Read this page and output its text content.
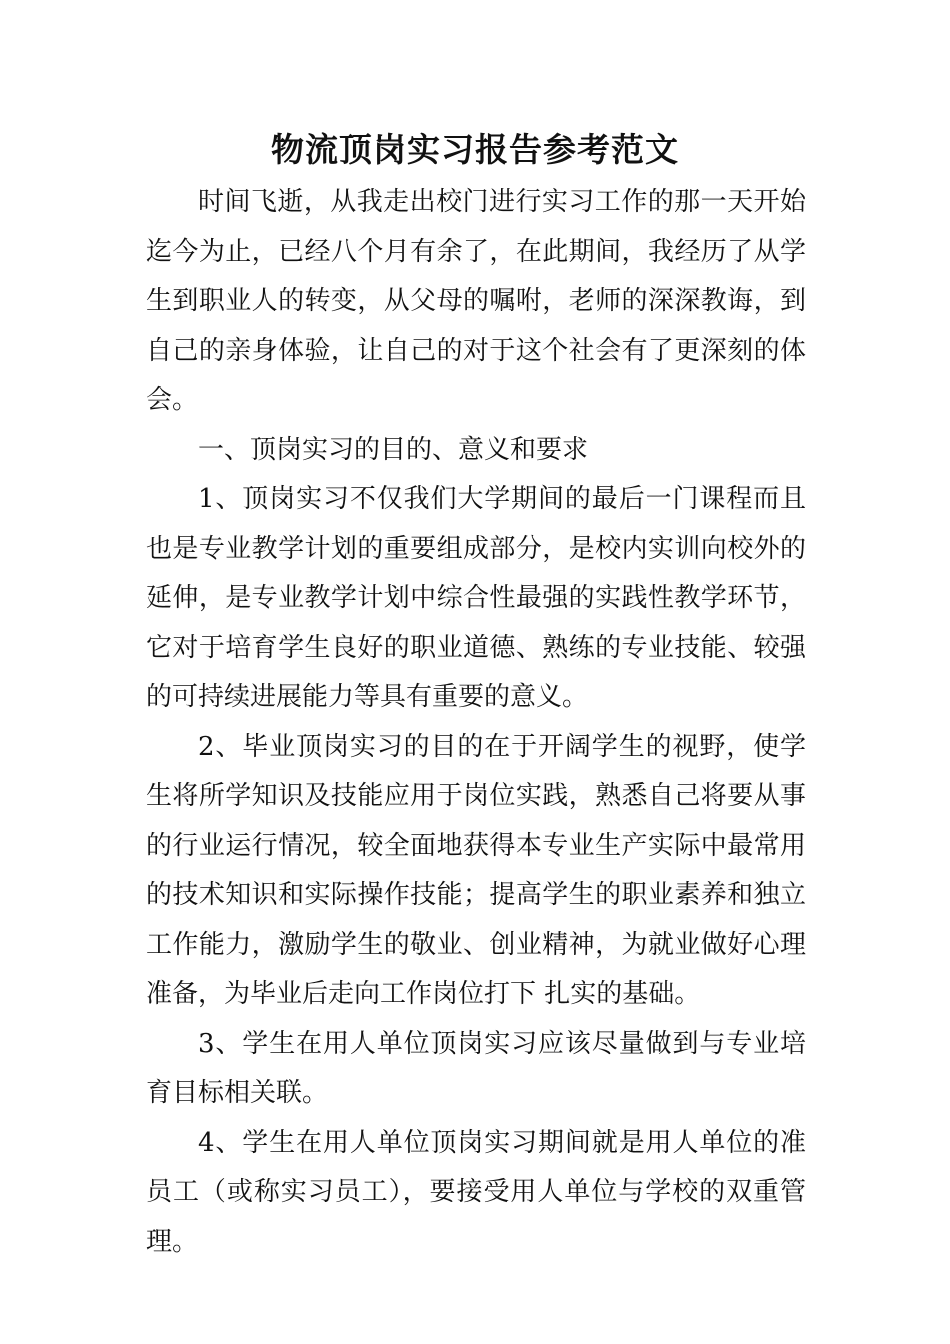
物流顶岗实习报告参考范文

时间飞逝，从我走出校门进行实习工作的那一天开始迄今为止，已经八个月有余了，在此期间，我经历了从学生到职业人的转变，从父母的嘱咐，老师的深深教诲，到自己的亲身体验，让自己的对于这个社会有了更深刻的体会。

一、顶岗实习的目的、意义和要求

1、顶岗实习不仅我们大学期间的最后一门课程而且也是专业教学计划的重要组成部分，是校内实训向校外的延伸，是专业教学计划中综合性最强的实践性教学环节，它对于培育学生良好的职业道德、熟练的专业技能、较强的可持续进展能力等具有重要的意义。

2、毕业顶岗实习的目的在于开阔学生的视野，使学生将所学知识及技能应用于岗位实践，熟悉自己将要从事的行业运行情况，较全面地获得本专业生产实际中最常用的技术知识和实际操作技能；提高学生的职业素养和独立工作能力，激励学生的敬业、创业精神，为就业做好心理准备，为毕业后走向工作岗位打下 扎实的基础。

3、学生在用人单位顶岗实习应该尽量做到与专业培育目标相关联。

4、学生在用人单位顶岗实习期间就是用人单位的准员工（或称实习员工），要接受用人单位与学校的双重管理。
